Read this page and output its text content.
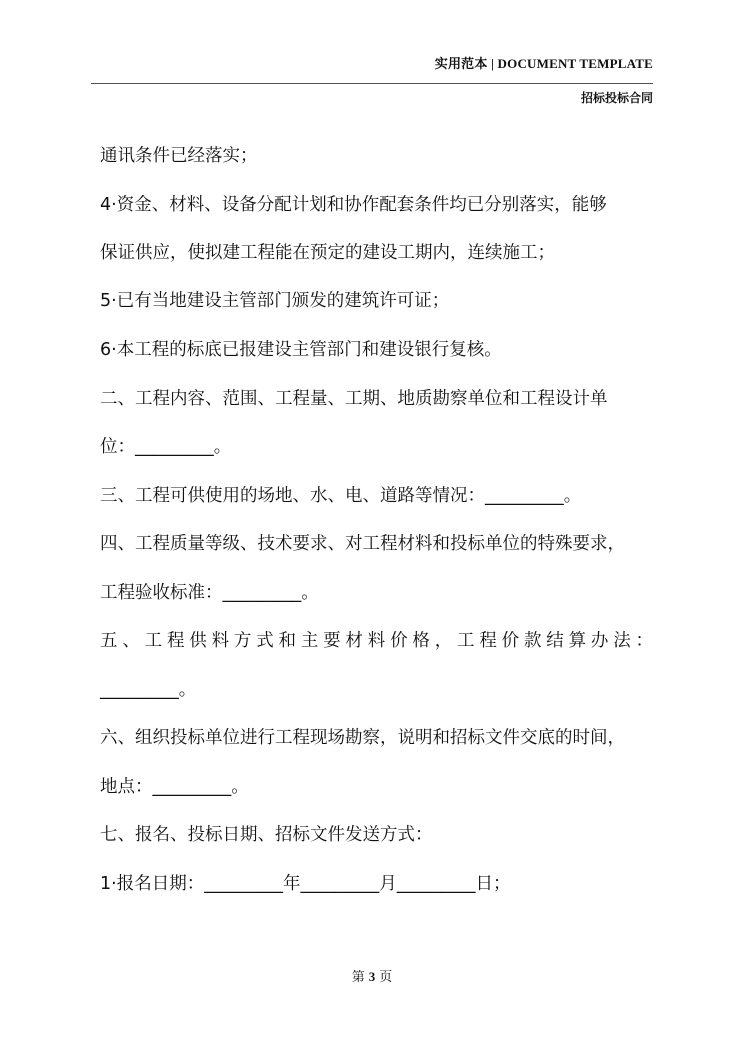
实用范本 | DOCUMENT TEMPLATE
招标投标合同
通讯条件已经落实；
4·资金、材料、设备分配计划和协作配套条件均已分别落实，能够
保证供应，使拟建工程能在预定的建设工期内，连续施工；
5·已有当地建设主管部门颁发的建筑许可证；
6·本工程的标底已报建设主管部门和建设银行复核。
二、工程内容、范围、工程量、工期、地质勘察单位和工程设计单
位：_________。
三、工程可供使用的场地、水、电、道路等情况：_________。
四、工程质量等级、技术要求、对工程材料和投标单位的特殊要求，
工程验收标准：_________。
五 、 工 程 供 料 方 式 和 主 要 材 料 价 格 ， 工 程 价 款 结 算 办 法 ：
_________。
六、组织投标单位进行工程现场勘察，说明和招标文件交底的时间，
地点：_________。
七、报名、投标日期、招标文件发送方式：
1·报名日期：_________年_________月_________日；
第 3 页
